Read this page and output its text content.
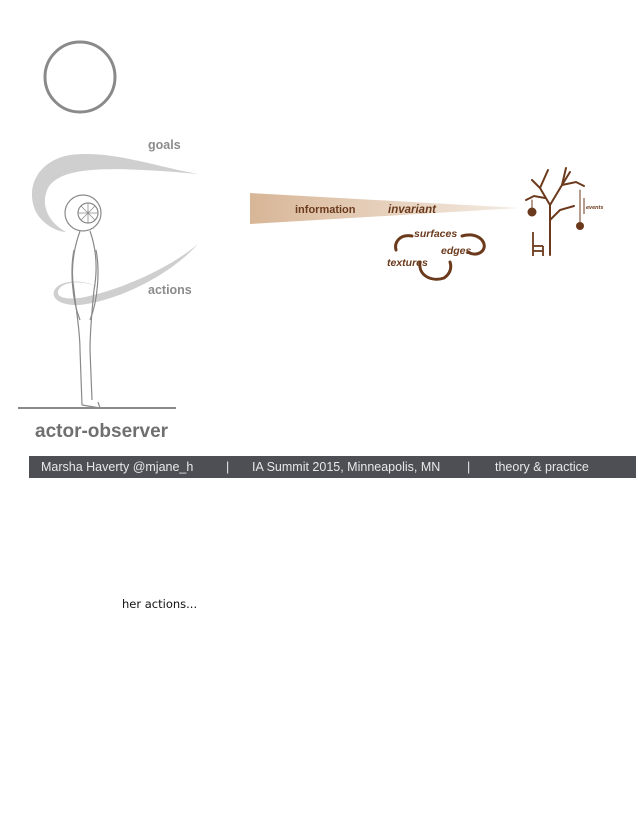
goals
actions
actor-observer
information	invariant
surfaces
edges
textures
events
Marsha Haverty @mjane_h	| IA Summit 2015, Minneapolis, MN | theory & practice
her actions...
